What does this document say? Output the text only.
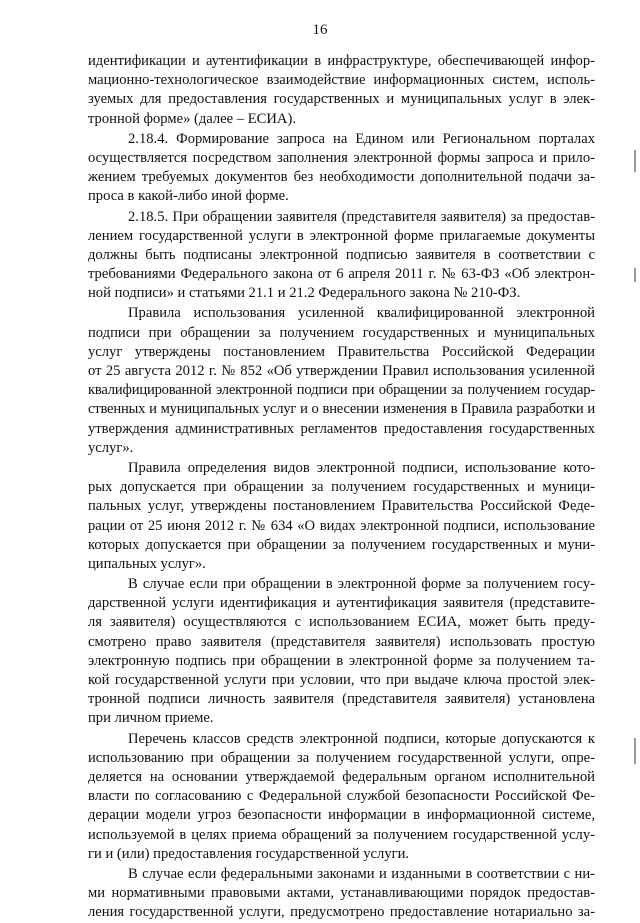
16
идентификации и аутентификации в инфраструктуре, обеспечивающей инфор-
мационно-технологическое взаимодействие информационных систем, исполь-
зуемых для предоставления государственных и муниципальных услуг в элек-
тронной форме» (далее – ЕСИА).
2.18.4. Формирование запроса на Едином или Региональном порталах
осуществляется посредством заполнения электронной формы запроса и прило-
жением требуемых документов без необходимости дополнительной подачи за-
проса в какой-либо иной форме.
2.18.5. При обращении заявителя (представителя заявителя) за предостав-
лением государственной услуги в электронной форме прилагаемые документы
должны быть подписаны электронной подписью заявителя в соответствии с
требованиями Федерального закона от 6 апреля 2011 г. № 63-ФЗ «Об электрон-
ной подписи» и статьями 21.1 и 21.2 Федерального закона № 210-ФЗ.
Правила использования усиленной квалифицированной электронной
подписи при обращении за получением государственных и муниципальных
услуг утверждены постановлением Правительства Российской Федерации
от 25 августа 2012 г. № 852 «Об утверждении Правил использования усиленной
квалифицированной электронной подписи при обращении за получением государ-
ственных и муниципальных услуг и о внесении изменения в Правила разработки и
утверждения административных регламентов предоставления государственных
услуг».
Правила определения видов электронной подписи, использование кото-
рых допускается при обращении за получением государственных и муници-
пальных услуг, утверждены постановлением Правительства Российской Феде-
рации от 25 июня 2012 г. № 634 «О видах электронной подписи, использование
которых допускается при обращении за получением государственных и муни-
ципальных услуг».
В случае если при обращении в электронной форме за получением госу-
дарственной услуги идентификация и аутентификация заявителя (представите-
ля заявителя) осуществляются с использованием ЕСИА, может быть преду-
смотрено право заявителя (представителя заявителя) использовать простую
электронную подпись при обращении в электронной форме за получением та-
кой государственной услуги при условии, что при выдаче ключа простой элек-
тронной подписи личность заявителя (представителя заявителя) установлена
при личном приеме.
Перечень классов средств электронной подписи, которые допускаются к
использованию при обращении за получением государственной услуги, опре-
деляется на основании утверждаемой федеральным органом исполнительной
власти по согласованию с Федеральной службой безопасности Российской Фе-
дерации модели угроз безопасности информации в информационной системе,
используемой в целях приема обращений за получением государственной услу-
ги и (или) предоставления государственной услуги.
В случае если федеральными законами и изданными в соответствии с ни-
ми нормативными правовыми актами, устанавливающими порядок предостав-
ления государственной услуги, предусмотрено предоставление нотариально за-
